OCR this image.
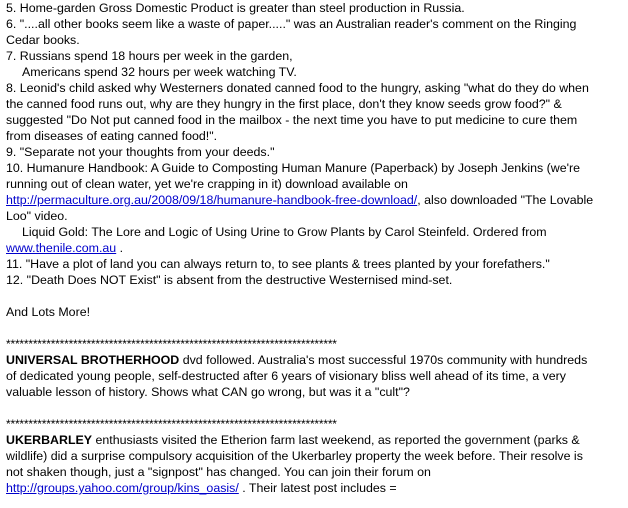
5. Home-garden Gross Domestic Product is greater than steel production in Russia.
6. "....all other books seem like a waste of paper....." was an Australian reader's comment on the Ringing
Cedar books.
7. Russians spend 18 hours per week in the garden,
Americans spend 32 hours per week watching TV.
8. Leonid's child asked why Westerners donated canned food to the hungry, asking "what do they do when
the canned food runs out, why are they hungry in the first place, don't they know seeds grow food?" &
suggested "Do Not put canned food in the mailbox - the next time you have to put medicine to cure them
from diseases of eating canned food!".
9. "Separate not your thoughts from your deeds."
10. Humanure Handbook: A Guide to Composting Human Manure (Paperback) by Joseph Jenkins (we're
running out of clean water, yet we're crapping in it) download available on
http://permaculture.org.au/2008/09/18/humanure-handbook-free-download/, also downloaded "The Lovable
Loo" video.
Liquid Gold: The Lore and Logic of Using Urine to Grow Plants by Carol Steinfeld. Ordered from
www.thenile.com.au .
11. "Have a plot of land you can always return to, to see plants & trees planted by your forefathers."
12. "Death Does NOT Exist" is absent from the destructive Westernised mind-set.
And Lots More!
**************************************************************************
UNIVERSAL BROTHERHOOD dvd followed. Australia's most successful 1970s community with hundreds
of dedicated young people, self-destructed after 6 years of visionary bliss well ahead of its time, a very
valuable lesson of history. Shows what CAN go wrong, but was it a "cult"?
**************************************************************************
UKERBARLEY enthusiasts visited the Etherion farm last weekend, as reported the government (parks &
wildlife) did a surprise compulsory acquisition of the Ukerbarley property the week before. Their resolve is
not shaken though, just a "signpost" has changed. You can join their forum on
http://groups.yahoo.com/group/kins_oasis/ . Their latest post includes =
